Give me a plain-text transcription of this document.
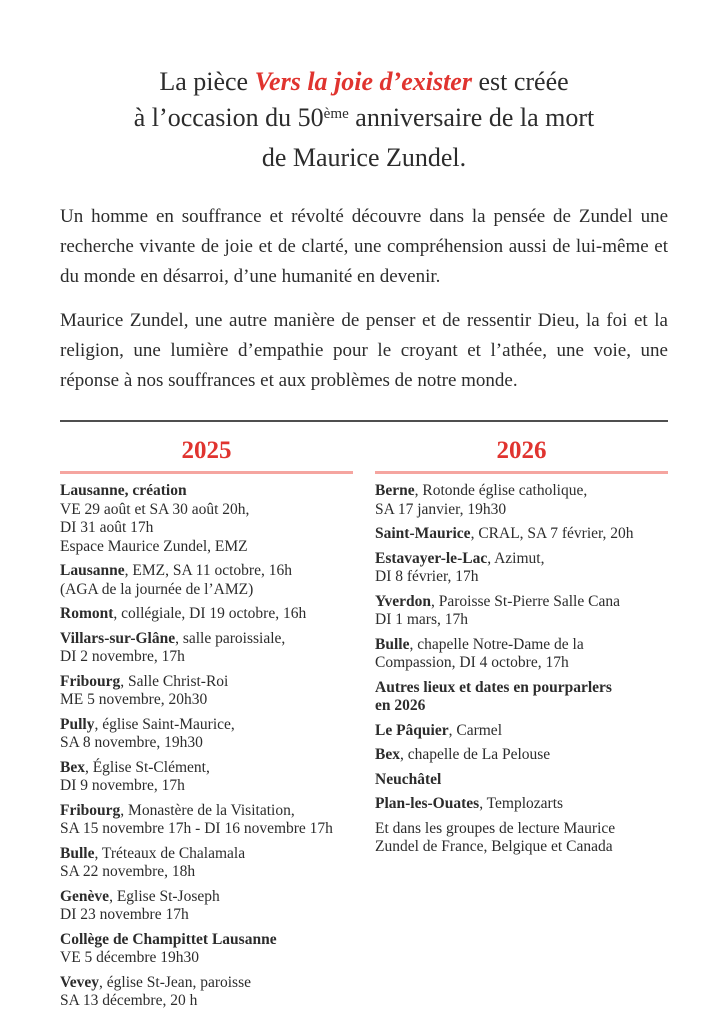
La pièce Vers la joie d’exister est créée
à l’occasion du 50ème anniversaire de la mort
de Maurice Zundel.

Un homme en souffrance et révolté découvre dans la pensée de Zundel une recherche vivante de joie et de clarté, une compréhension aussi de lui-même et du monde en désarroi, d’une humanité en devenir.

Maurice Zundel, une autre manière de penser et de ressentir Dieu, la foi et la religion, une lumière d’empathie pour le croyant et l’athée, une voie, une réponse à nos souffrances et aux problèmes de notre monde.

2025
Lausanne, création
VE 29 août et SA 30 août 20h,
DI 31 août 17h
Espace Maurice Zundel, EMZ
Lausanne, EMZ, SA 11 octobre, 16h
(AGA de la journée de l’AMZ)
Romont, collégiale, DI 19 octobre, 16h
Villars-sur-Glâne, salle paroissiale,
DI 2 novembre, 17h
Fribourg, Salle Christ-Roi
ME 5 novembre, 20h30
Pully, église Saint-Maurice,
SA 8 novembre, 19h30
Bex, Église St-Clément,
DI 9 novembre, 17h
Fribourg, Monastère de la Visitation,
SA 15 novembre 17h - DI 16 novembre 17h
Bulle, Tréteaux de Chalamala
SA 22 novembre, 18h
Genève, Eglise St-Joseph
DI 23 novembre 17h
Collège de Champittet Lausanne
VE 5 décembre 19h30
Vevey, église St-Jean, paroisse
SA 13 décembre, 20 h
2026
Berne, Rotonde église catholique,
SA 17 janvier, 19h30
Saint-Maurice, CRAL, SA 7 février, 20h
Estavayer-le-Lac, Azimut,
DI 8 février, 17h
Yverdon, Paroisse St-Pierre Salle Cana
DI 1 mars, 17h
Bulle, chapelle Notre-Dame de la
Compassion, DI 4 octobre, 17h
Autres lieux et dates en pourparlers
en 2026
Le Pâquier, Carmel
Bex, chapelle de La Pelouse
Neuchâtel
Plan-les-Ouates, Templozarts
Et dans les groupes de lecture Maurice
Zundel de France, Belgique et Canada
